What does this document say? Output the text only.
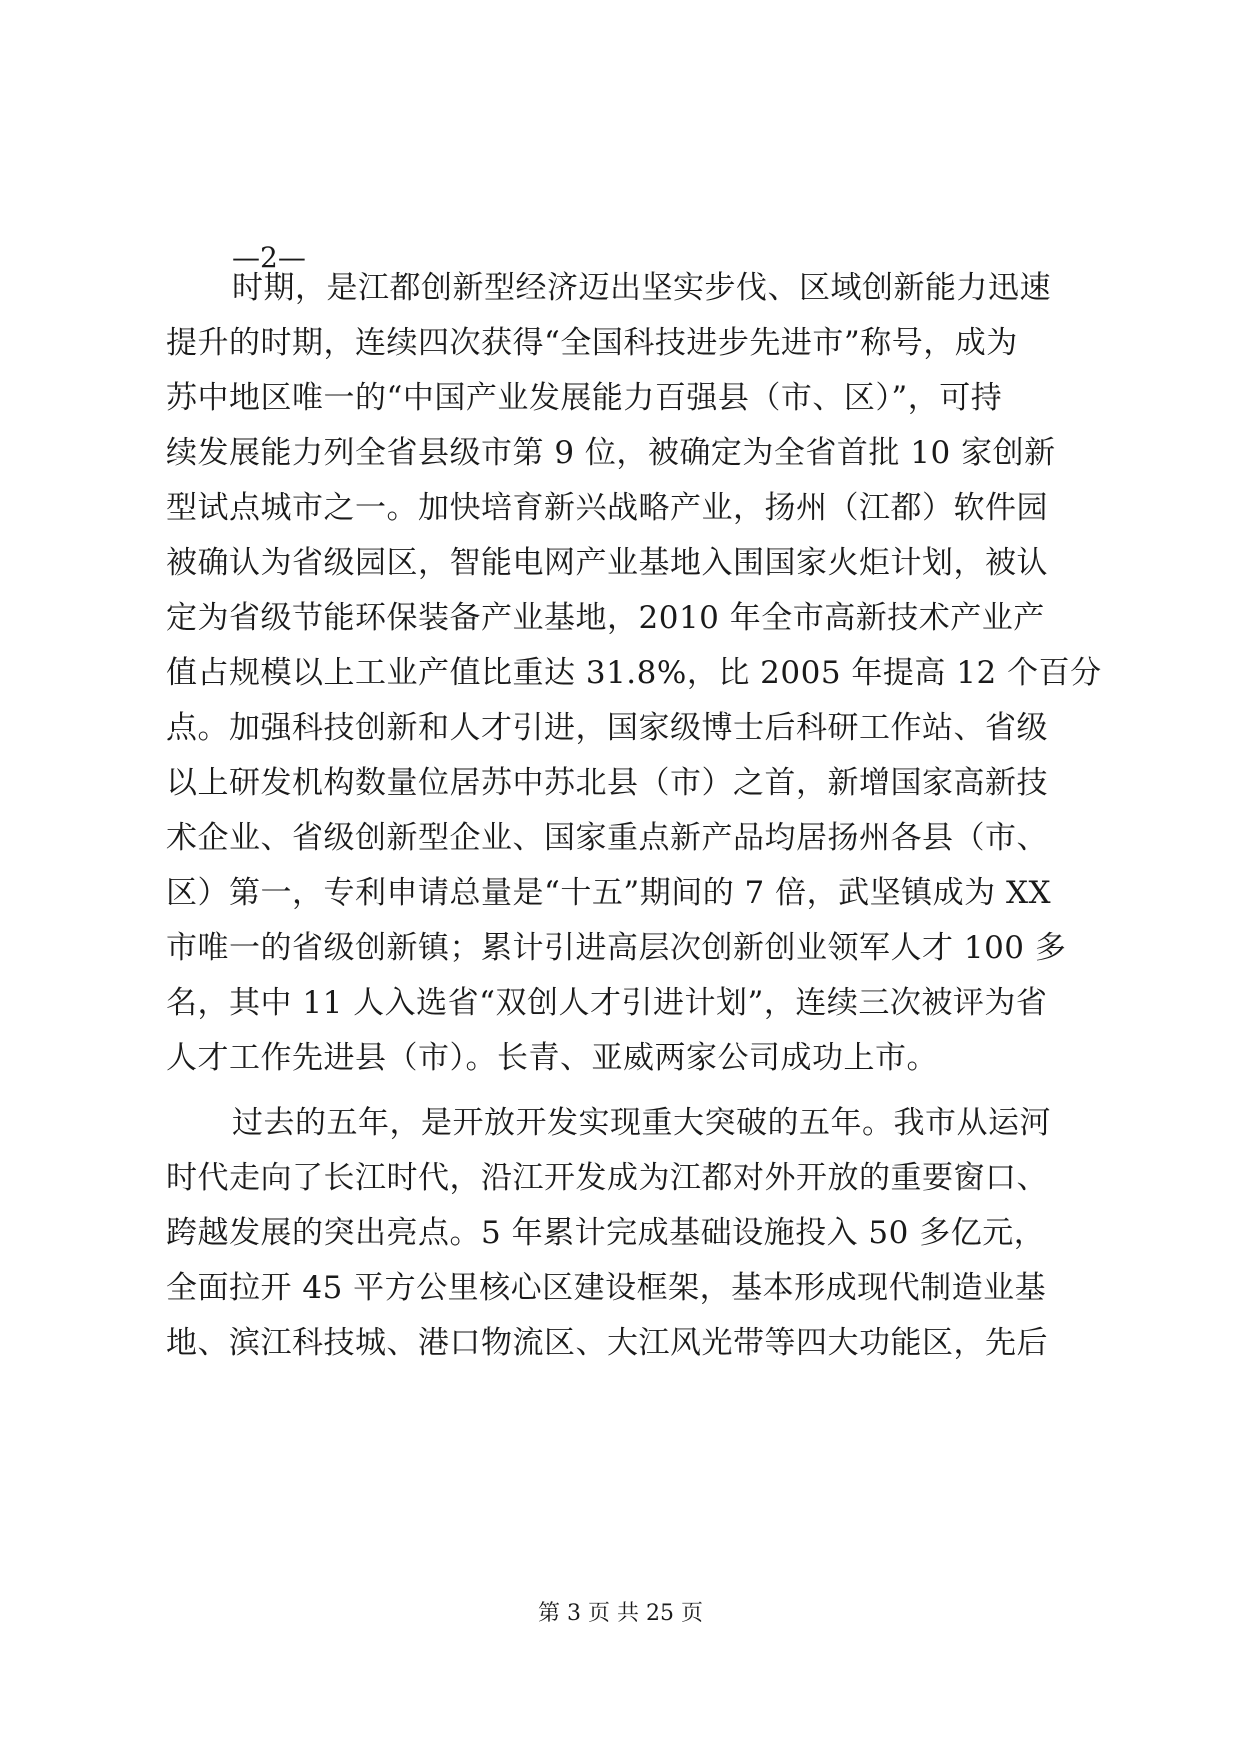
—2—
时期，是江都创新型经济迈出坚实步伐、区域创新能力迅速
提升的时期，连续四次获得“全国科技进步先进市”称号，成为
苏中地区唯一的“中国产业发展能力百强县（市、区）”，可持
续发展能力列全省县级市第 9 位，被确定为全省首批 10 家创新
型试点城市之一。加快培育新兴战略产业，扬州（江都）软件园
被确认为省级园区，智能电网产业基地入围国家火炬计划，被认
定为省级节能环保装备产业基地，2010 年全市高新技术产业产
值占规模以上工业产值比重达 31.8%，比 2005 年提高 12 个百分
点。加强科技创新和人才引进，国家级博士后科研工作站、省级
以上研发机构数量位居苏中苏北县（市）之首，新增国家高新技
术企业、省级创新型企业、国家重点新产品均居扬州各县（市、
区）第一，专利申请总量是“十五”期间的 7 倍，武坚镇成为 XX
市唯一的省级创新镇；累计引进高层次创新创业领军人才 100 多
名，其中 11 人入选省“双创人才引进计划”，连续三次被评为省
人才工作先进县（市）。长青、亚威两家公司成功上市。
过去的五年，是开放开发实现重大突破的五年。我市从运河
时代走向了长江时代，沿江开发成为江都对外开放的重要窗口、
跨越发展的突出亮点。5 年累计完成基础设施投入 50 多亿元，
全面拉开 45 平方公里核心区建设框架，基本形成现代制造业基
地、滨江科技城、港口物流区、大江风光带等四大功能区，先后
第 3 页 共 25 页
